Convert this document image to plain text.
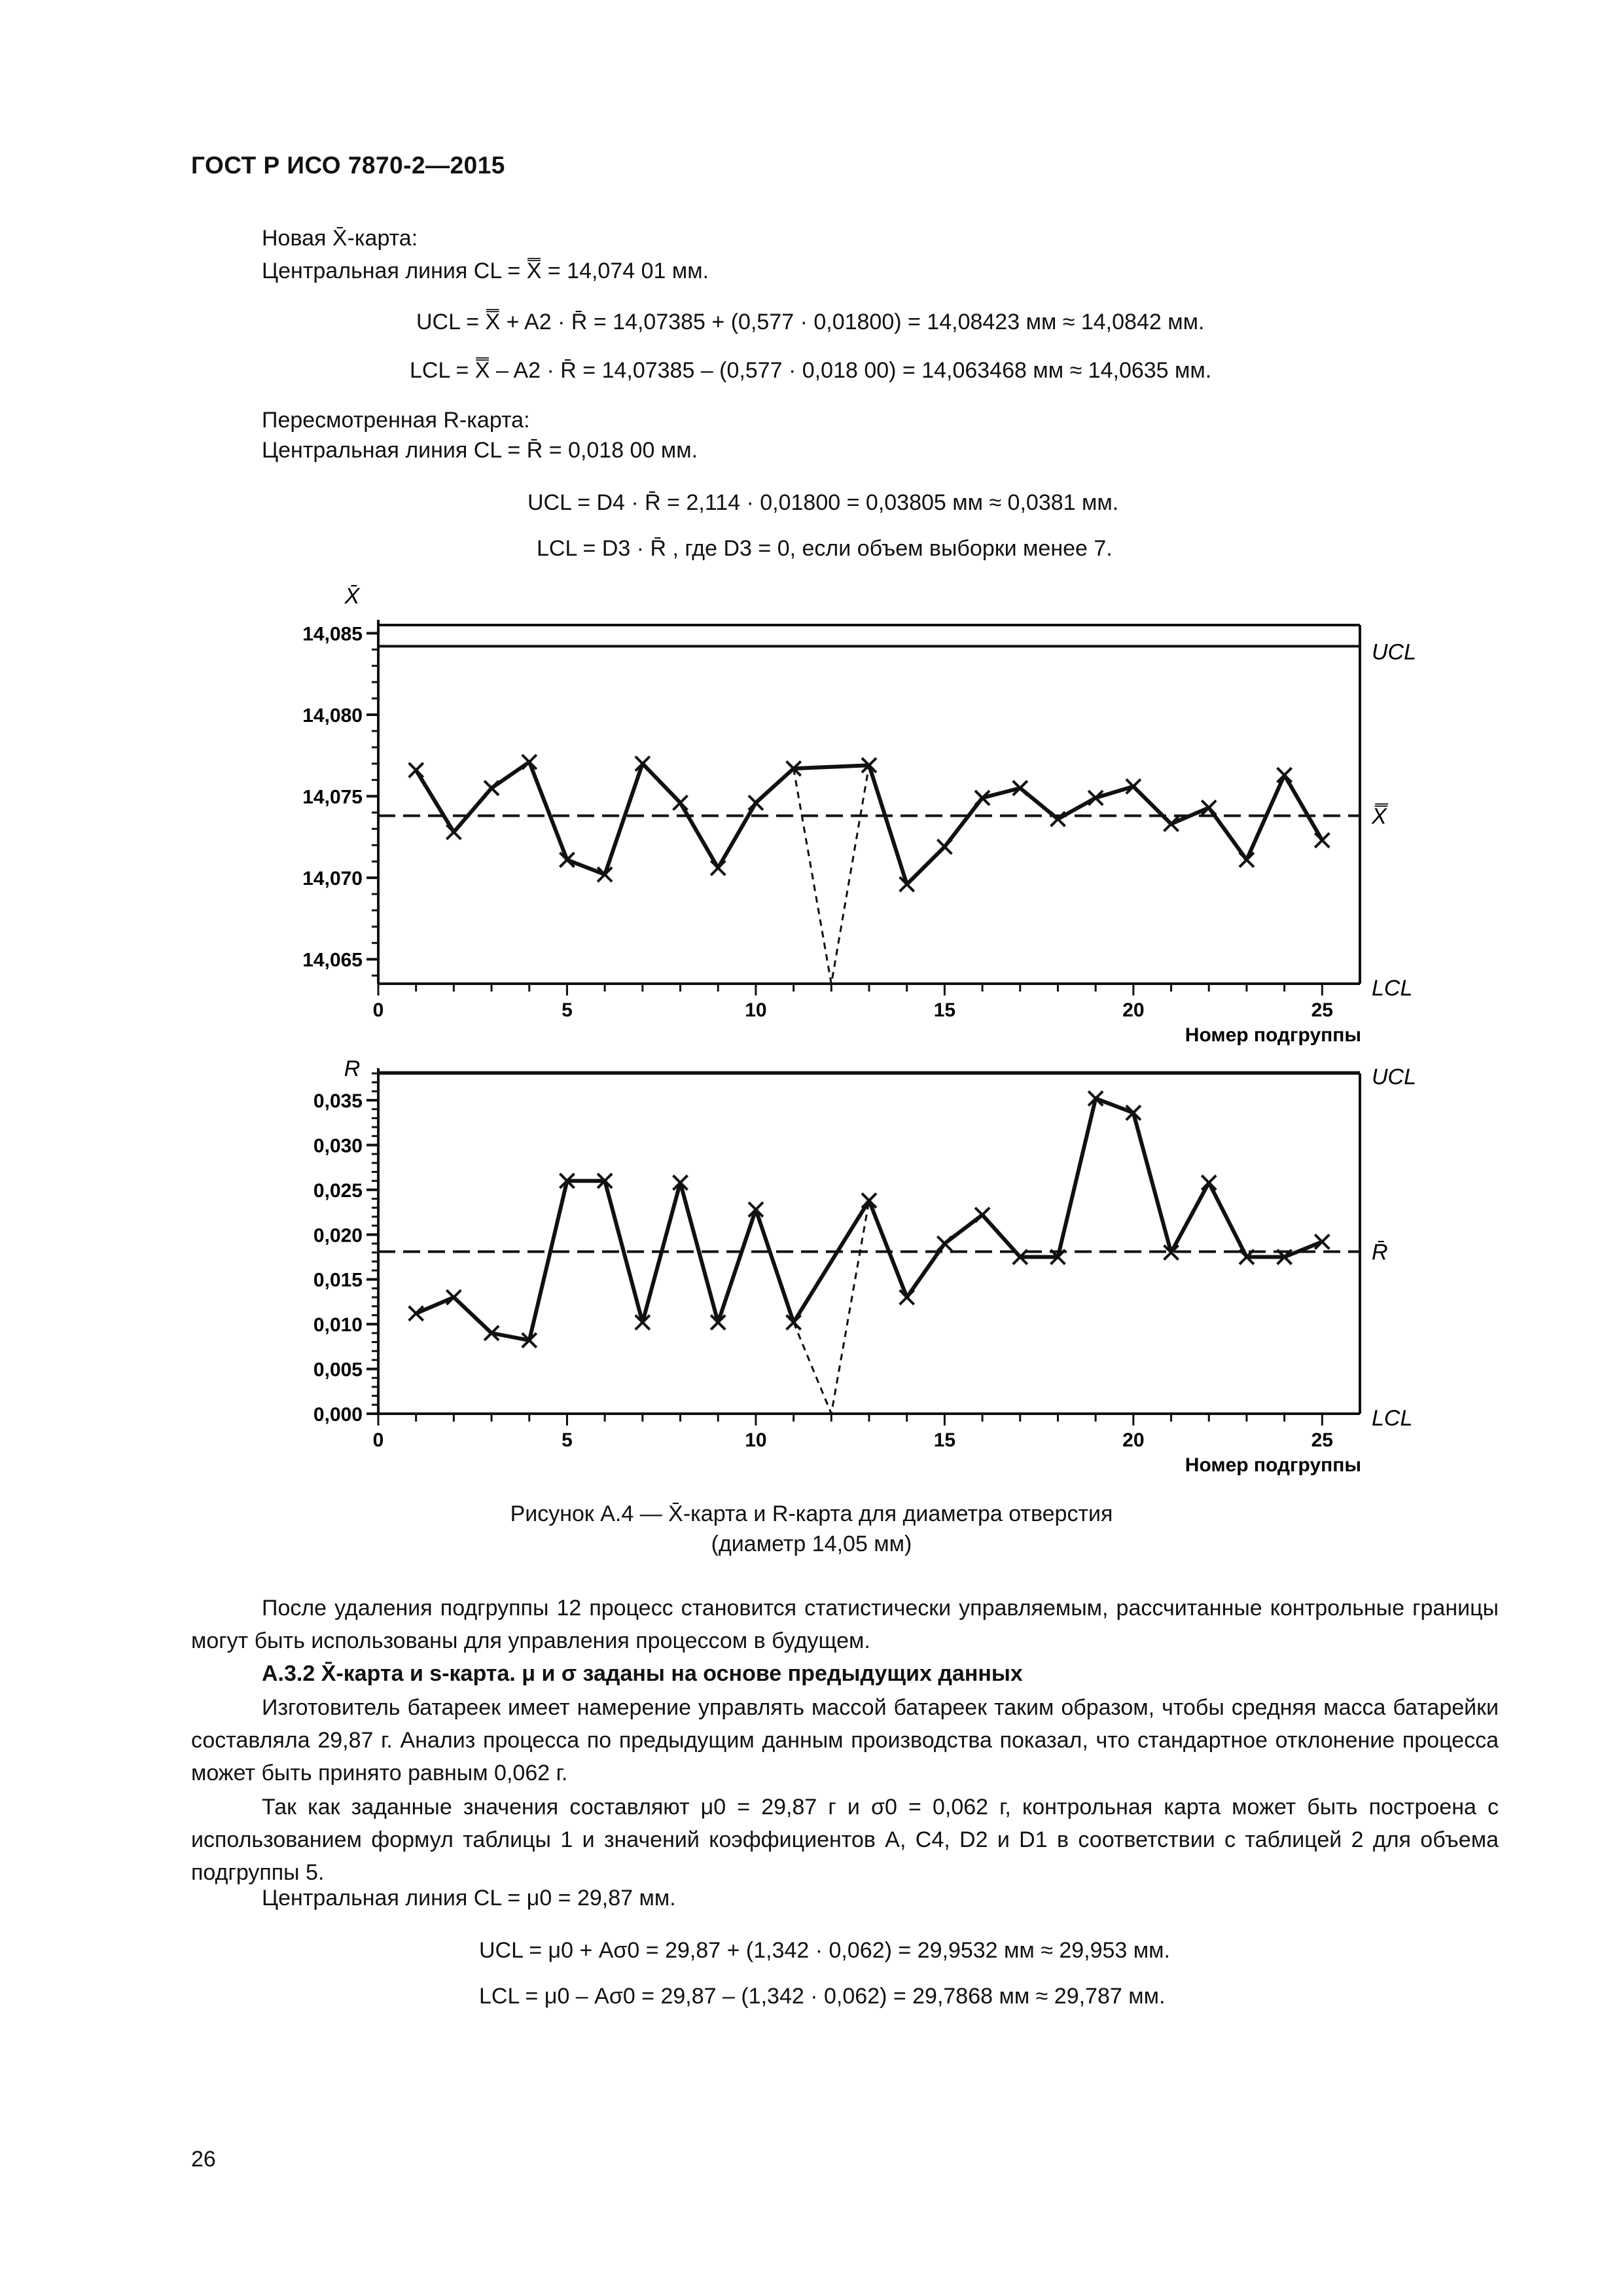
ГОСТ Р ИСО 7870-2—2015
Новая X̄-карта:
Центральная линия CL = X̿ = 14,074 01 мм.
UCL = X̿ + A2 · R̄ = 14,07385 + (0,577 · 0,01800) = 14,08423 мм ≈ 14,0842 мм.
LCL = X̿ – A2 · R̄ = 14,07385 – (0,577 · 0,018 00) = 14,063468 мм ≈ 14,0635 мм.
Пересмотренная R-карта:
Центральная линия CL = R̄ = 0,018 00 мм.
UCL = D4 · R̄ = 2,114 · 0,01800 = 0,03805 мм ≈ 0,0381 мм.
LCL = D3 · R̄ , где D3 = 0, если объем выборки менее 7.
14,065
14,070
14,075
14,080
14,085
0	5	10	15	20	25
Номер подгруппы
X̄
UCL
X̿
LCL
0,000
0,005
0,010
0,015
0,020
0,025
0,030
0,035
0	5	10	15	20	25
Номер подгруппы
R	UCL
R̄
LCL
Рисунок А.4 — X̄-карта и R-карта для диаметра отверстия
(диаметр 14,05 мм)
После удаления подгруппы 12 процесс становится статистически управляемым, рассчитанные контрольные границы могут быть использованы для управления процессом в будущем.
А.3.2 X̄-карта и s-карта. μ и σ заданы на основе предыдущих данных
Изготовитель батареек имеет намерение управлять массой батареек таким образом, чтобы средняя масса батарейки составляла 29,87 г. Анализ процесса по предыдущим данным производства показал, что стандартное отклонение процесса может быть принято равным 0,062 г.
Так как заданные значения составляют μ0 = 29,87 г и σ0 = 0,062 г, контрольная карта может быть построена с использованием формул таблицы 1 и значений коэффициентов A, C4, D2 и D1 в соответствии с таблицей 2 для объема подгруппы 5.
Центральная линия CL = μ0 = 29,87 мм.
UCL = μ0 + Aσ0 = 29,87 + (1,342 · 0,062) = 29,9532 мм ≈ 29,953 мм.
LCL = μ0 – Aσ0 = 29,87 – (1,342 · 0,062) = 29,7868 мм ≈ 29,787 мм.
26
